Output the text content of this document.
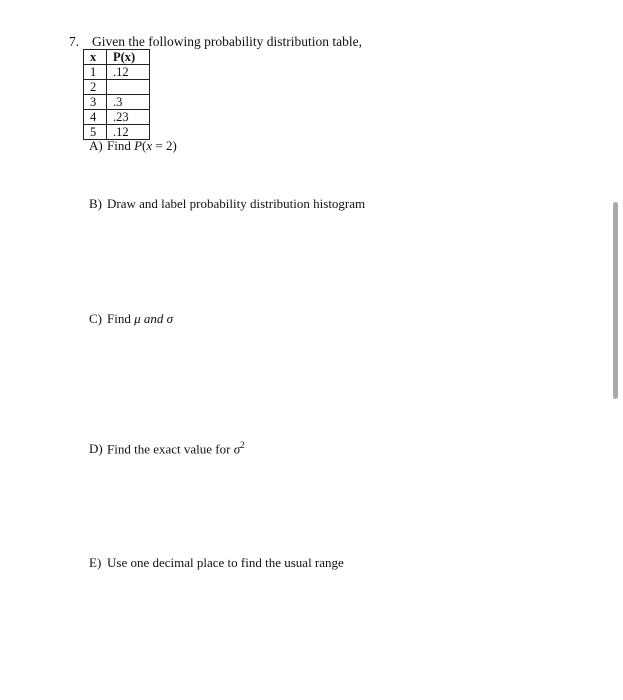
7. Given the following probability distribution table,
x	P(x)
1	.12
2	
3	.3
4	.23
5	.12
A) Find P(x = 2)
B) Draw and label probability distribution histogram
C) Find μ and σ
D) Find the exact value for $\sigma^2$
E) Use one decimal place to find the usual range
